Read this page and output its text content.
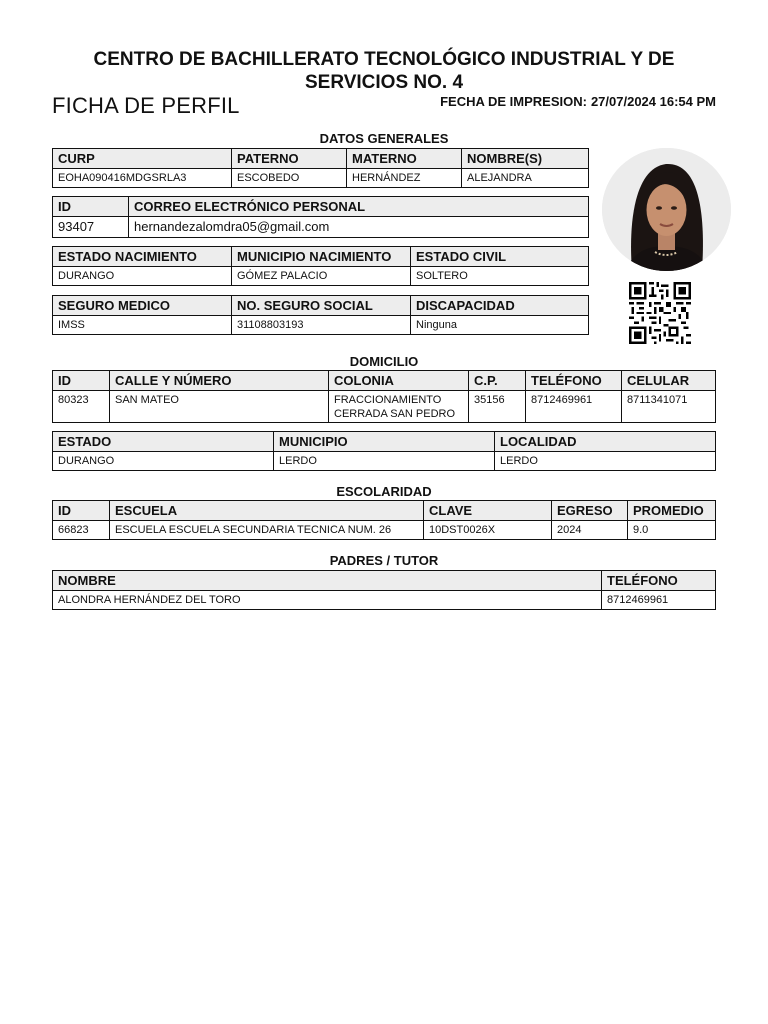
CENTRO DE BACHILLERATO TECNOLÓGICO INDUSTRIAL Y DE SERVICIOS NO. 4
FICHA DE PERFIL	FECHA DE IMPRESION: 27/07/2024 16:54 PM
DATOS GENERALES
CURP	PATERNO	MATERNO	NOMBRE(S)
EOHA090416MDGSRLA3	ESCOBEDO	HERNÁNDEZ	ALEJANDRA
ID	CORREO ELECTRÓNICO PERSONAL
93407	hernandezalomdra05@gmail.com
ESTADO NACIMIENTO	MUNICIPIO NACIMIENTO	ESTADO CIVIL
DURANGO	GÓMEZ PALACIO	SOLTERO
SEGURO MEDICO	NO. SEGURO SOCIAL	DISCAPACIDAD
IMSS	31108803193	Ninguna
DOMICILIO
ID	CALLE Y NÚMERO	COLONIA	C.P.	TELÉFONO	CELULAR
80323	SAN MATEO	FRACCIONAMIENTO CERRADA SAN PEDRO	35156	8712469961	8711341071
ESTADO	MUNICIPIO	LOCALIDAD
DURANGO	LERDO	LERDO
ESCOLARIDAD
ID	ESCUELA	CLAVE	EGRESO	PROMEDIO
66823	ESCUELA ESCUELA SECUNDARIA TECNICA NUM. 26	10DST0026X	2024	9.0
PADRES / TUTOR
NOMBRE	TELÉFONO
ALONDRA HERNÁNDEZ DEL TORO	8712469961
